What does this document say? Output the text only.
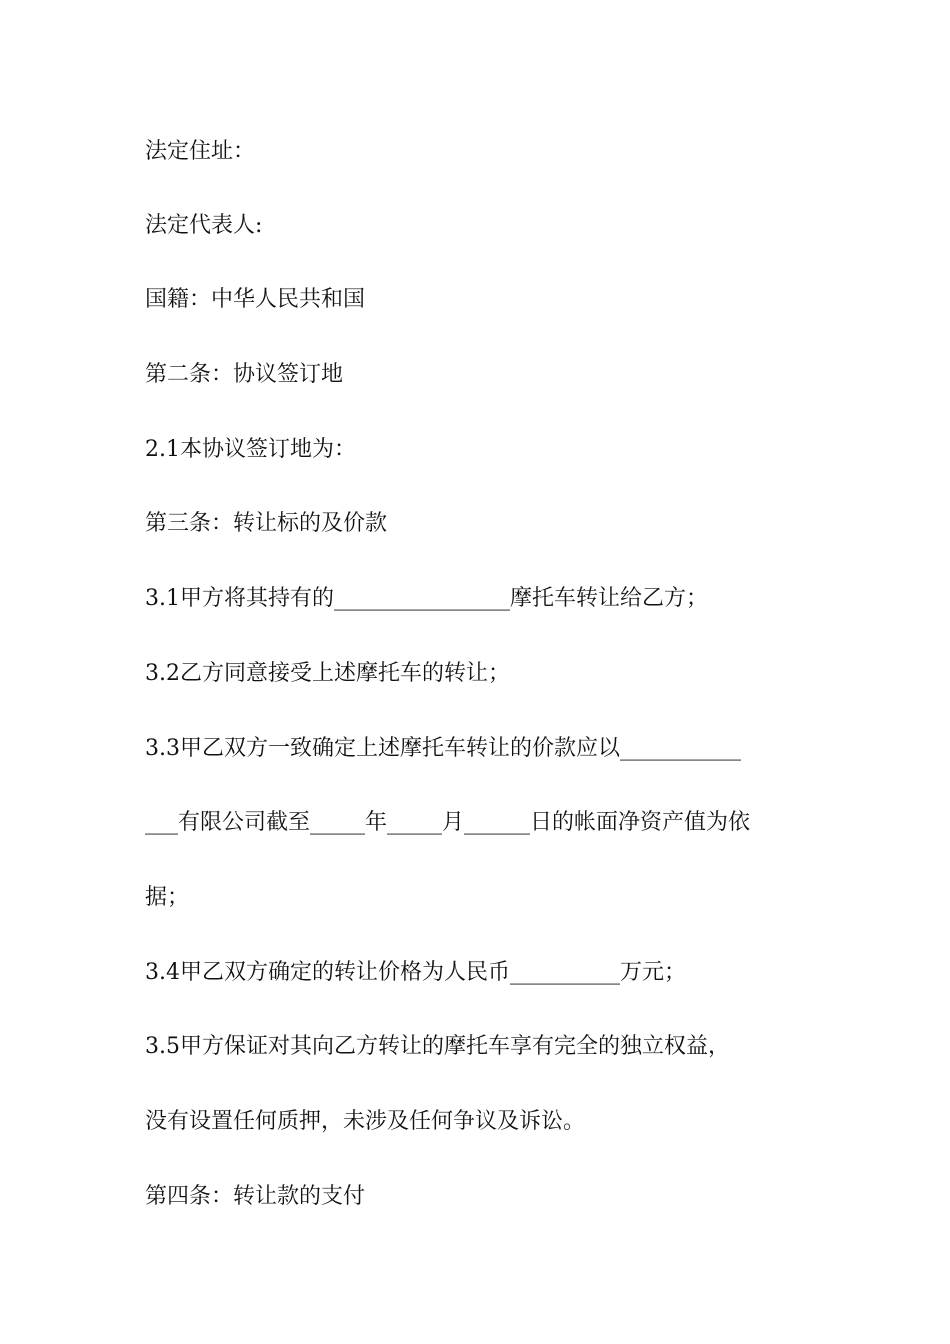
法定住址：
法定代表人:
国籍：中华人民共和国
第二条：协议签订地
2.1本协议签订地为：
第三条：转让标的及价款
3.1甲方将其持有的________________摩托车转让给乙方；
3.2乙方同意接受上述摩托车的转让；
3.3甲乙双方一致确定上述摩托车转让的价款应以___________
___有限公司截至_____年_____月______日的帐面净资产值为依
据；
3.4甲乙双方确定的转让价格为人民币__________万元；
3.5甲方保证对其向乙方转让的摩托车享有完全的独立权益，
没有设置任何质押，未涉及任何争议及诉讼。
第四条：转让款的支付
